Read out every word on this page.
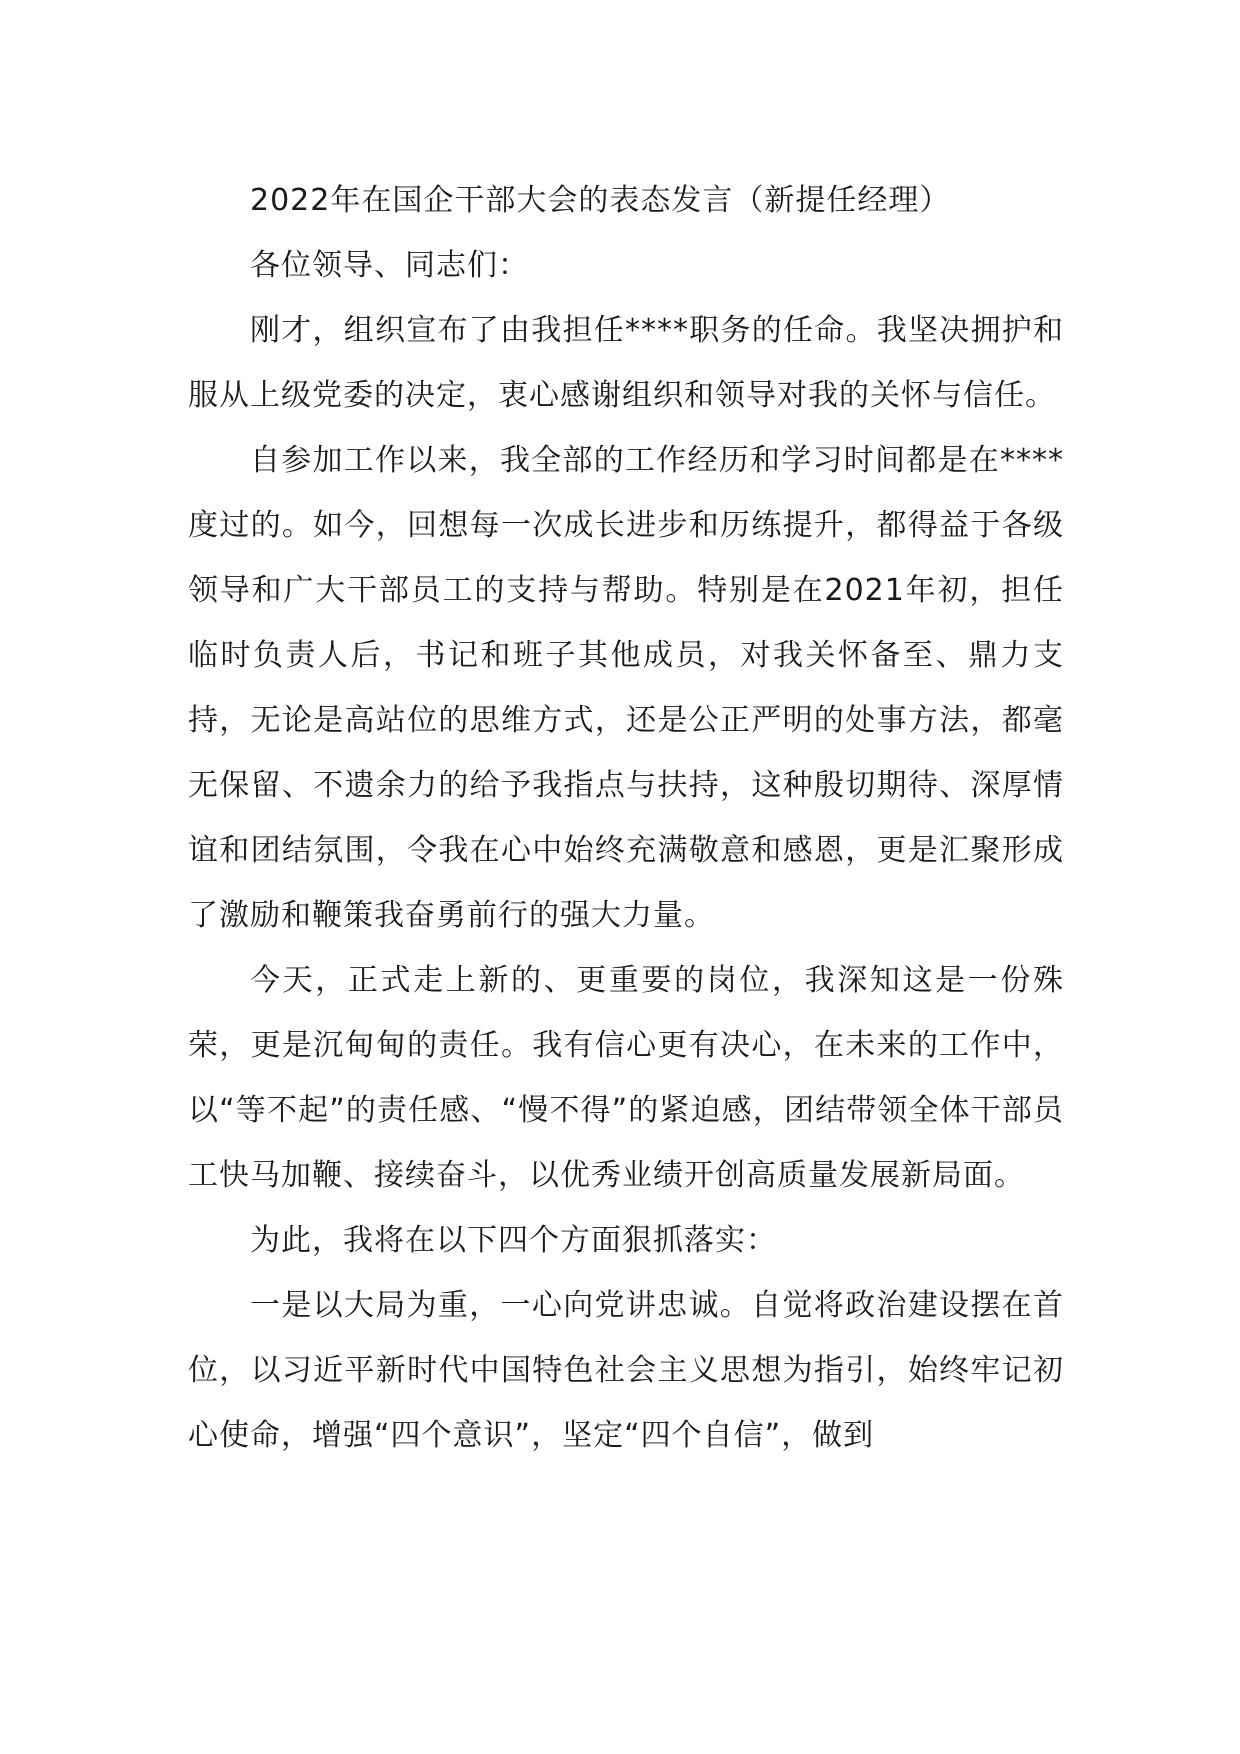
2022年在国企干部大会的表态发言（新提任经理）

各位领导、同志们：

刚才，组织宣布了由我担任****职务的任命。我坚决拥护和服从上级党委的决定，衷心感谢组织和领导对我的关怀与信任。

自参加工作以来，我全部的工作经历和学习时间都是在****度过的。如今，回想每一次成长进步和历练提升，都得益于各级领导和广大干部员工的支持与帮助。特别是在2021年初，担任临时负责人后，书记和班子其他成员，对我关怀备至、鼎力支持，无论是高站位的思维方式，还是公正严明的处事方法，都毫无保留、不遗余力的给予我指点与扶持，这种殷切期待、深厚情谊和团结氛围，令我在心中始终充满敬意和感恩，更是汇聚形成了激励和鞭策我奋勇前行的强大力量。

今天，正式走上新的、更重要的岗位，我深知这是一份殊荣，更是沉甸甸的责任。我有信心更有决心，在未来的工作中，以“等不起”的责任感、“慢不得”的紧迫感，团结带领全体干部员工快马加鞭、接续奋斗，以优秀业绩开创高质量发展新局面。

为此，我将在以下四个方面狠抓落实：

一是以大局为重，一心向党讲忠诚。自觉将政治建设摆在首位，以习近平新时代中国特色社会主义思想为指引，始终牢记初心使命，增强“四个意识”，坚定“四个自信”，做到
